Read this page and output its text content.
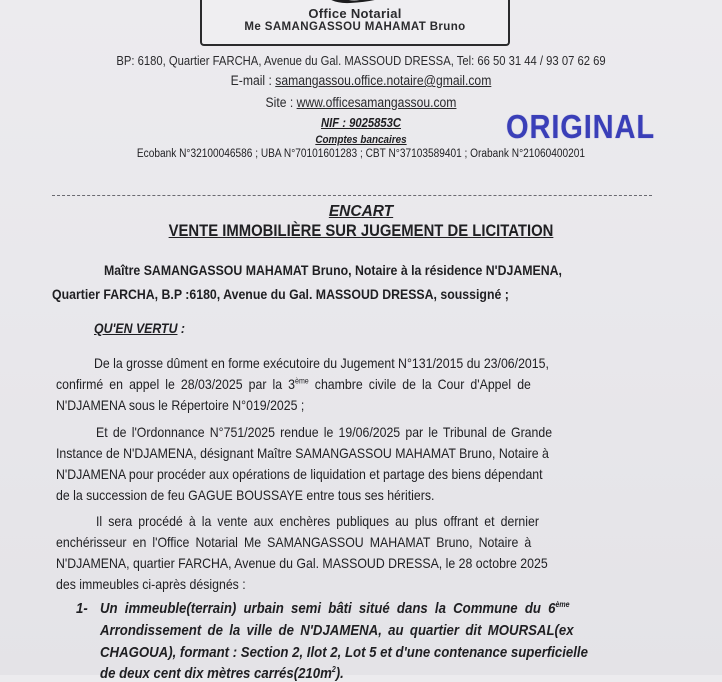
Office Notarial
Me SAMANGASSOU MAHAMAT Bruno
BP: 6180, Quartier FARCHA, Avenue du Gal. MASSOUD DRESSA, Tel: 66 50 31 44 / 93 07 62 69
E-mail : samangassou.office.notaire@gmail.com
Site : www.officesamangassou.com
NIF : 9025853C
Comptes bancaires
Ecobank N°32100046586 ; UBA N°70101601283 ; CBT N°37103589401 ; Orabank N°21060400201
ORIGINAL
ENCART
VENTE IMMOBILIÈRE SUR JUGEMENT DE LICITATION
Maître SAMANGASSOU MAHAMAT Bruno, Notaire à la résidence N'DJAMENA,
Quartier FARCHA, B.P :6180, Avenue du Gal. MASSOUD DRESSA, soussigné ;
QU'EN VERTU :
De la grosse dûment en forme exécutoire du Jugement N°131/2015 du 23/06/2015,
confirmé en appel le 28/03/2025 par la 3ème chambre civile de la Cour d'Appel de
N'DJAMENA sous le Répertoire N°019/2025 ;
Et de l'Ordonnance N°751/2025 rendue le 19/06/2025 par le Tribunal de Grande
Instance de N'DJAMENA, désignant Maître SAMANGASSOU MAHAMAT Bruno, Notaire à
N'DJAMENA pour procéder aux opérations de liquidation et partage des biens dépendant
de la succession de feu GAGUE BOUSSAYE entre tous ses héritiers.
Il sera procédé à la vente aux enchères publiques au plus offrant et dernier
enchérisseur en l'Office Notarial Me SAMANGASSOU MAHAMAT Bruno, Notaire à
N'DJAMENA, quartier FARCHA, Avenue du Gal. MASSOUD DRESSA, le 28 octobre 2025
des immeubles ci-après désignés :
1- Un immeuble(terrain) urbain semi bâti situé dans la Commune du 6ème
Arrondissement de la ville de N'DJAMENA, au quartier dit MOURSAL(ex
CHAGOUA), formant : Section 2, Ilot 2, Lot 5 et d'une contenance superficielle
de deux cent dix mètres $carrés(210m^2)$.
